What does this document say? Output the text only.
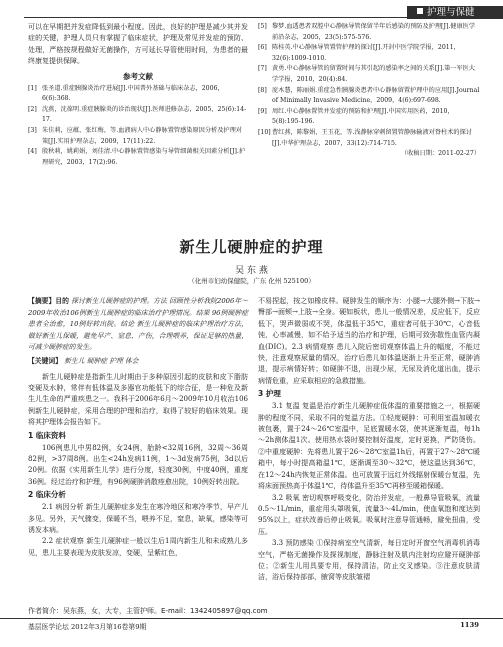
护理与保健

可以在早期把并发症降低到最小程度。因此，良好的护理是减少其并发症的关键，护理人员只有掌握了临床症状，护理及常见并发症的预防、处理，严格按规程做好无菌操作，方可延长导管使用时间，为患者的最终康复提供保障。

参考文献
[1] 张圣道.重症胰腺炎治疗进展[J].中国普外基础与临床杂志，2006，6(6):368.
[2] 沈燕，沈葆明.重症胰腺炎的诊治现状[J].医师进修杂志，2005，25(6):14-17.
[3] 朱佳莉，应蕴，张红梅，等.血液病人中心静脉置管感染原因分析及护理对策[J].实用护理杂志，2009，17(11):22.
[4] 殷秋莉，姚莉娟，刘佳清.中心静脉置管感染与导管细菌相关因素分析[J].护理研究，2003，17(2):96.
[5] 黎梦.血透患者双腔中心静脉导管保留半年后感染的预防及护理[J].健康医学前沿杂志，2005，23(5):575-576.
[6] 陈桂英.中心静脉导管置管护理的探讨[J].开封中医学院学报，2011，32(6):1009-1010.
[7] 黄勇.中心静脉导管的留置时间与其引起的感染率之间的关系[J].第一军医大学学报，2010，20(4):84.
[8] 庞木慧，陈丽娟.重症急性胰腺炎患者中心静脉留置护理中的应用[J].Journal of Minimally Invasive Medicine，2009，4(6):697-698.
[9] 周红.中心静脉置管并发症的预防和护理[J].中国实用医药，2010，5(8):195-196.
[10] 曹红燕，陈黎娟，王玉花，等.浅静脉穿刺留置管静脉输液对脊柱术的探讨[J].中华护理杂志，2007，33(12):714-715.
（收稿日期：2011-02-27）
新生儿硬肿症的护理
吴 东 燕
（化州市妇幼保健院，广东 化州 525100）
【摘要】目的 探讨新生儿硬肿症的护理。方法 回顾性分析我院2006年～2009年收治106例新生儿硬肿症的临床治疗护理情况。结果 96例硬肿症患者全治愈，10例好转出院。结论 新生儿硬肿症的临床护理治疗方法，做好新生儿保暖，避免早产、窒息、产伤，合理喂养，保证足够的热量，可减少硬肿症的发生。
【关键词】 新生儿 硬肿症 护理 体会

新生儿硬肿症是指新生儿时期由于多种原因引起的皮肤和皮下脂肪变硬及水肿，常伴有低体温及多器官功能低下的综合征，是一种危及新生儿生命的严重疾患之一。我科于2006年6月～2009年10月收治106例新生儿硬肿症，采用合理的护理和治疗，取得了较好的临床效果。现将其护理体会报告如下。

1 临床资料

106例患儿中男82例，女24例，胎龄<32周16例，32周～36周82例，>37周8例。出生<24h发病11例，1～3d发病75例，3d以后20例。依据《实用新生儿学》进行分度，轻度30例，中度40例，重度36例。经过治疗和护理，有96例硬肿消散痊愈出院，10例好转出院。

2 临床分析

2.1 病因分析 新生儿硬肿症多发生在寒冷地区和寒冷季节，早产儿多见。另外，天气骤变，保暖不当，喂养不足，窒息，缺氧，感染等可诱发本病。

2.2 症状观察 新生儿硬肿症一般以生后1周内新生儿和未成熟儿多见，患儿主要表现为皮肤发凉，变硬，呈紫红色，

作者简介：吴东燕，女，大专，主管护师。E-mail：1342405897@qq.com

不易捏起，按之如橡皮样。硬肿发生的顺序为：小腿→大腿外侧→下肢→臀部→面颊→上肢→全身。硬如板状，患儿一般情况差，反应低下，反应低下，哭声微弱或不哭，体温低于35℃，重症者可低于30℃，心音低钝，心率减慢，如不给予适当的治疗和护理，后期可致弥散性血管内凝血(DIC)。2.3 病情观察 患儿入院后密切观察体温上升的幅度，不能过快，注意观察尿量的情况，治疗后患儿如体温逐渐上升至正常，硬肿消退，提示病情好转；如硬肿不退，出现少尿，无尿及消化道出血，提示病情危重，应采取相应的急救措施。

3 护理

3.1 复温 复温是治疗新生儿硬肿症低体温的重要措施之一，根据硬肿的程度不同，采取不同的复温方法。①轻度硬肿：可利用室温加暖衣被包裹，置于24～26℃室温中，足底置暖水袋，使其逐渐复温，每1h～2h测体温1次。使用热水袋时要控制好温度，定时更换，严防烫伤。②中重度硬肿：先将患儿置于26～28℃室温1h后，再置于27～28℃暖箱中，每小时提高箱温1℃，逐渐调至30～32℃，使这温达到36℃，在12～24h内恢复正常体温。也可放置于远红外线辐射保暖台复温，先将床面预热高于体温1℃，待体温升至35℃再移至暖箱保暖。

3.2 吸氧 密切观察呼吸变化，防治并发症，一般鼻导管吸氧，流量0.5～1L/min，重症用头罩吸氧，流量3～4L/min，使血氧饱和度达到95%以上，症状改善后停止吸氧。吸氧时注意导管通畅，避免扭曲，受压。

3.3 预防感染 ①保持病室空气清新，每日定时开窗空气消毒机消毒空气，严格无菌操作及探视制度，静脉注射及肌内注射均应避开硬肿部位；②新生儿用具要专用，保持清洁，防止交叉感染。③注意皮肤清洁，浴后保持部部，腋窝等皮肤皱褶

基层医学论坛 2012年3月第16卷第9期	1139
